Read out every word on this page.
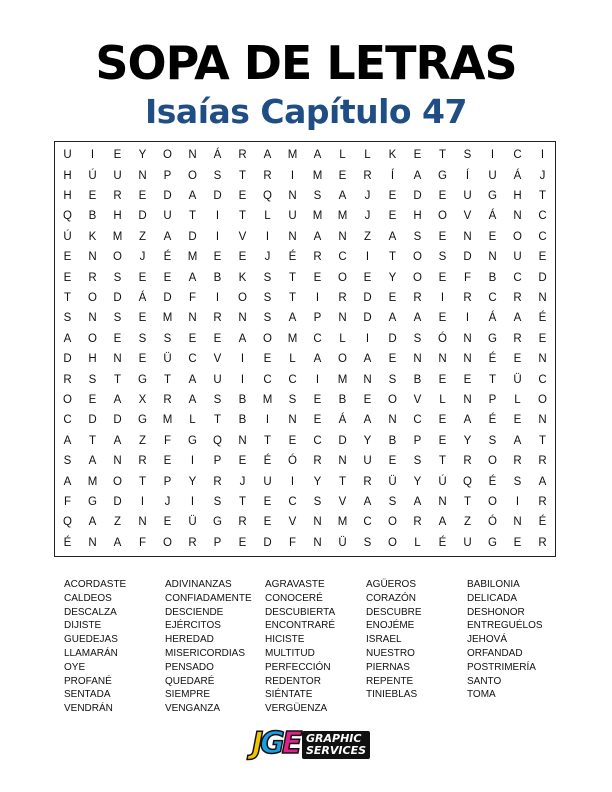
SOPA DE LETRAS
Isaías Capítulo 47
U	I	E	Y	O	N	Á	R	A	M	A	L	L	K	E	T	S	I	C	I
H	Ú	U	N	P	O	S	T	R	I	M	E	R	Í	A	G	Í	U	Á	J
H	E	R	E	D	A	D	E	Q	N	S	A	J	E	D	E	U	G	H	T
Q	B	H	D	U	T	I	T	L	U	M	M	J	E	H	O	V	Á	N	C
Ú	K	M	Z	A	D	I	V	I	N	A	N	Z	A	S	E	N	E	O	C
E	N	O	J	É	M	E	E	J	É	R	C	I	T	O	S	D	N	U	E
E	R	S	E	E	A	B	K	S	T	E	O	E	Y	O	E	F	B	C	D
T	O	D	Á	D	F	I	O	S	T	I	R	D	E	R	I	R	C	R	N
S	N	S	E	M	N	R	N	S	A	P	N	D	A	A	E	I	Á	A	É
A	O	E	S	S	E	E	A	O	M	C	L	I	D	S	Ó	N	G	R	E
D	H	N	E	Ü	C	V	I	E	L	A	O	A	E	N	N	N	É	E	N
R	S	T	G	T	A	U	I	C	C	I	M	N	S	B	E	E	T	Ü	C
O	E	A	X	R	A	S	B	M	S	E	B	E	O	V	L	N	P	L	O
C	D	D	G	M	L	T	B	I	N	E	Á	A	N	C	E	A	É	E	N
A	T	A	Z	F	G	Q	N	T	E	C	D	Y	B	P	E	Y	S	A	T
S	A	N	R	E	I	P	E	É	Ó	R	N	U	E	S	T	R	O	R	R
A	M	O	T	P	Y	R	J	U	I	Y	T	R	Ü	Y	Ú	Q	É	S	A
F	G	D	I	J	I	S	T	E	C	S	V	A	S	A	N	T	O	I	R
Q	A	Z	N	E	Ü	G	R	E	V	N	M	C	O	R	A	Z	Ó	N	É
É	N	A	F	O	R	P	E	D	F	N	Ü	S	O	L	É	U	G	E	R
ACORDASTE
CALDEOS
DESCALZA
DIJISTE
GUEDEJAS
LLAMARÁN
OYE
PROFANÉ
SENTADA
VENDRÁN
ADIVINANZAS
CONFIADAMENTE
DESCIENDE
EJÉRCITOS
HEREDAD
MISERICORDIAS
PENSADO
QUEDARÉ
SIEMPRE
VENGANZA
AGRAVASTE
CONOCERÉ
DESCUBIERTA
ENCONTRARÉ
HICISTE
MULTITUD
PERFECCIÓN
REDENTOR
SIÉNTATE
VERGÜENZA
AGÜEROS
CORAZÓN
DESCUBRE
ENOJÉME
ISRAEL
NUESTRO
PIERNAS
REPENTE
TINIEBLAS
BABILONIA
DELICADA
DESHONOR
ENTREGUÉLOS
JEHOVÁ
ORFANDAD
POSTRIMERÍA
SANTO
TOMA
JGE GRAPHIC
SERVICES
